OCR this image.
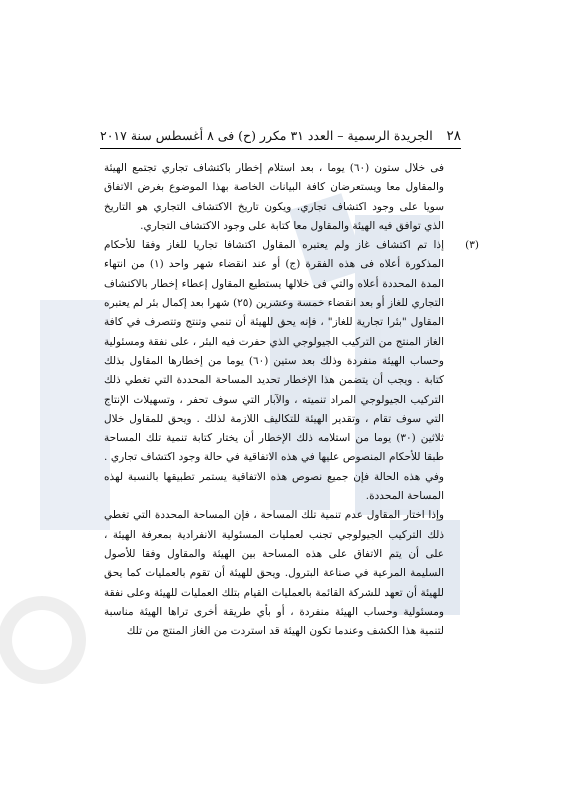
٢٨
الجريدة الرسمية – العدد ٣١ مكرر (ح) فى ٨ أغسطس سنة ٢٠١٧

فى خلال ستون (٦٠) يوما ، بعد استلام إخطار باكتشاف تجاري تجتمع الهيئة والمقاول معا ويستعرضان كافة البيانات الخاصة بهذا الموضوع بغرض الاتفاق سويا على وجود اكتشاف تجاري. ويكون تاريخ الاكتشاف التجاري هو التاريخ الذي توافق فيه الهيئة والمقاول معا كتابة على وجود الاكتشاف التجاري.

(٣)

إذا تم اكتشاف غاز ولم يعتبره المقاول اكتشافا تجاريا للغاز وفقا للأحكام المذكورة أعلاه فى هذه الفقرة (ج) أو عند انقضاء شهر واحد (١) من انتهاء المدة المحددة أعلاه والتي فى خلالها يستطيع المقاول إعطاء إخطار بالاكتشاف التجاري للغاز أو بعد انقضاء خمسة وعشرين (٢٥) شهرا بعد إكمال بئر لم يعتبره المقاول "بئرا تجارية للغاز" ، فإنه يحق للهيئة أن تنمي وتنتج وتتصرف في كافة الغاز المنتج من التركيب الجيولوجي الذي حفرت فيه البئر ، على نفقة ومسئولية وحساب الهيئة منفردة وذلك بعد ستين (٦٠) يوما من إخطارها المقاول بذلك كتابة . ويجب أن يتضمن هذا الإخطار تحديد المساحة المحددة التي تغطي ذلك التركيب الجيولوجي المراد تنميته ، والآبار التي سوف تحفر ، وتسهيلات الإنتاج التي سوف تقام ، وتقدير الهيئة للتكاليف اللازمة لذلك . ويحق للمقاول خلال ثلاثين (٣٠) يوما من استلامه ذلك الإخطار أن يختار كتابة تنمية تلك المساحة طبقا للأحكام المنصوص عليها في هذه الاتفاقية في حالة وجود اكتشاف تجاري . وفي هذه الحالة فإن جميع نصوص هذه الاتفاقية يستمر تطبيقها بالنسبة لهذه المساحة المحددة.

وإذا اختار المقاول عدم تنمية تلك المساحة ، فإن المساحة المحددة التي تغطي ذلك التركيب الجيولوجي تجنب لعمليات المسئولية الانفرادية بمعرفة الهيئة ، على أن يتم الاتفاق على هذه المساحة بين الهيئة والمقاول وفقا للأصول السليمة المرعية في صناعة البترول. ويحق للهيئة أن تقوم بالعمليات كما يحق للهيئة أن تعهد للشركة القائمة بالعمليات القيام بتلك العمليات للهيئة وعلى نفقة ومسئولية وحساب الهيئة منفردة ، أو بأي طريقة أخرى تراها الهيئة مناسبة لتنمية هذا الكشف وعندما تكون الهيئة قد استردت من الغاز المنتج من تلك
